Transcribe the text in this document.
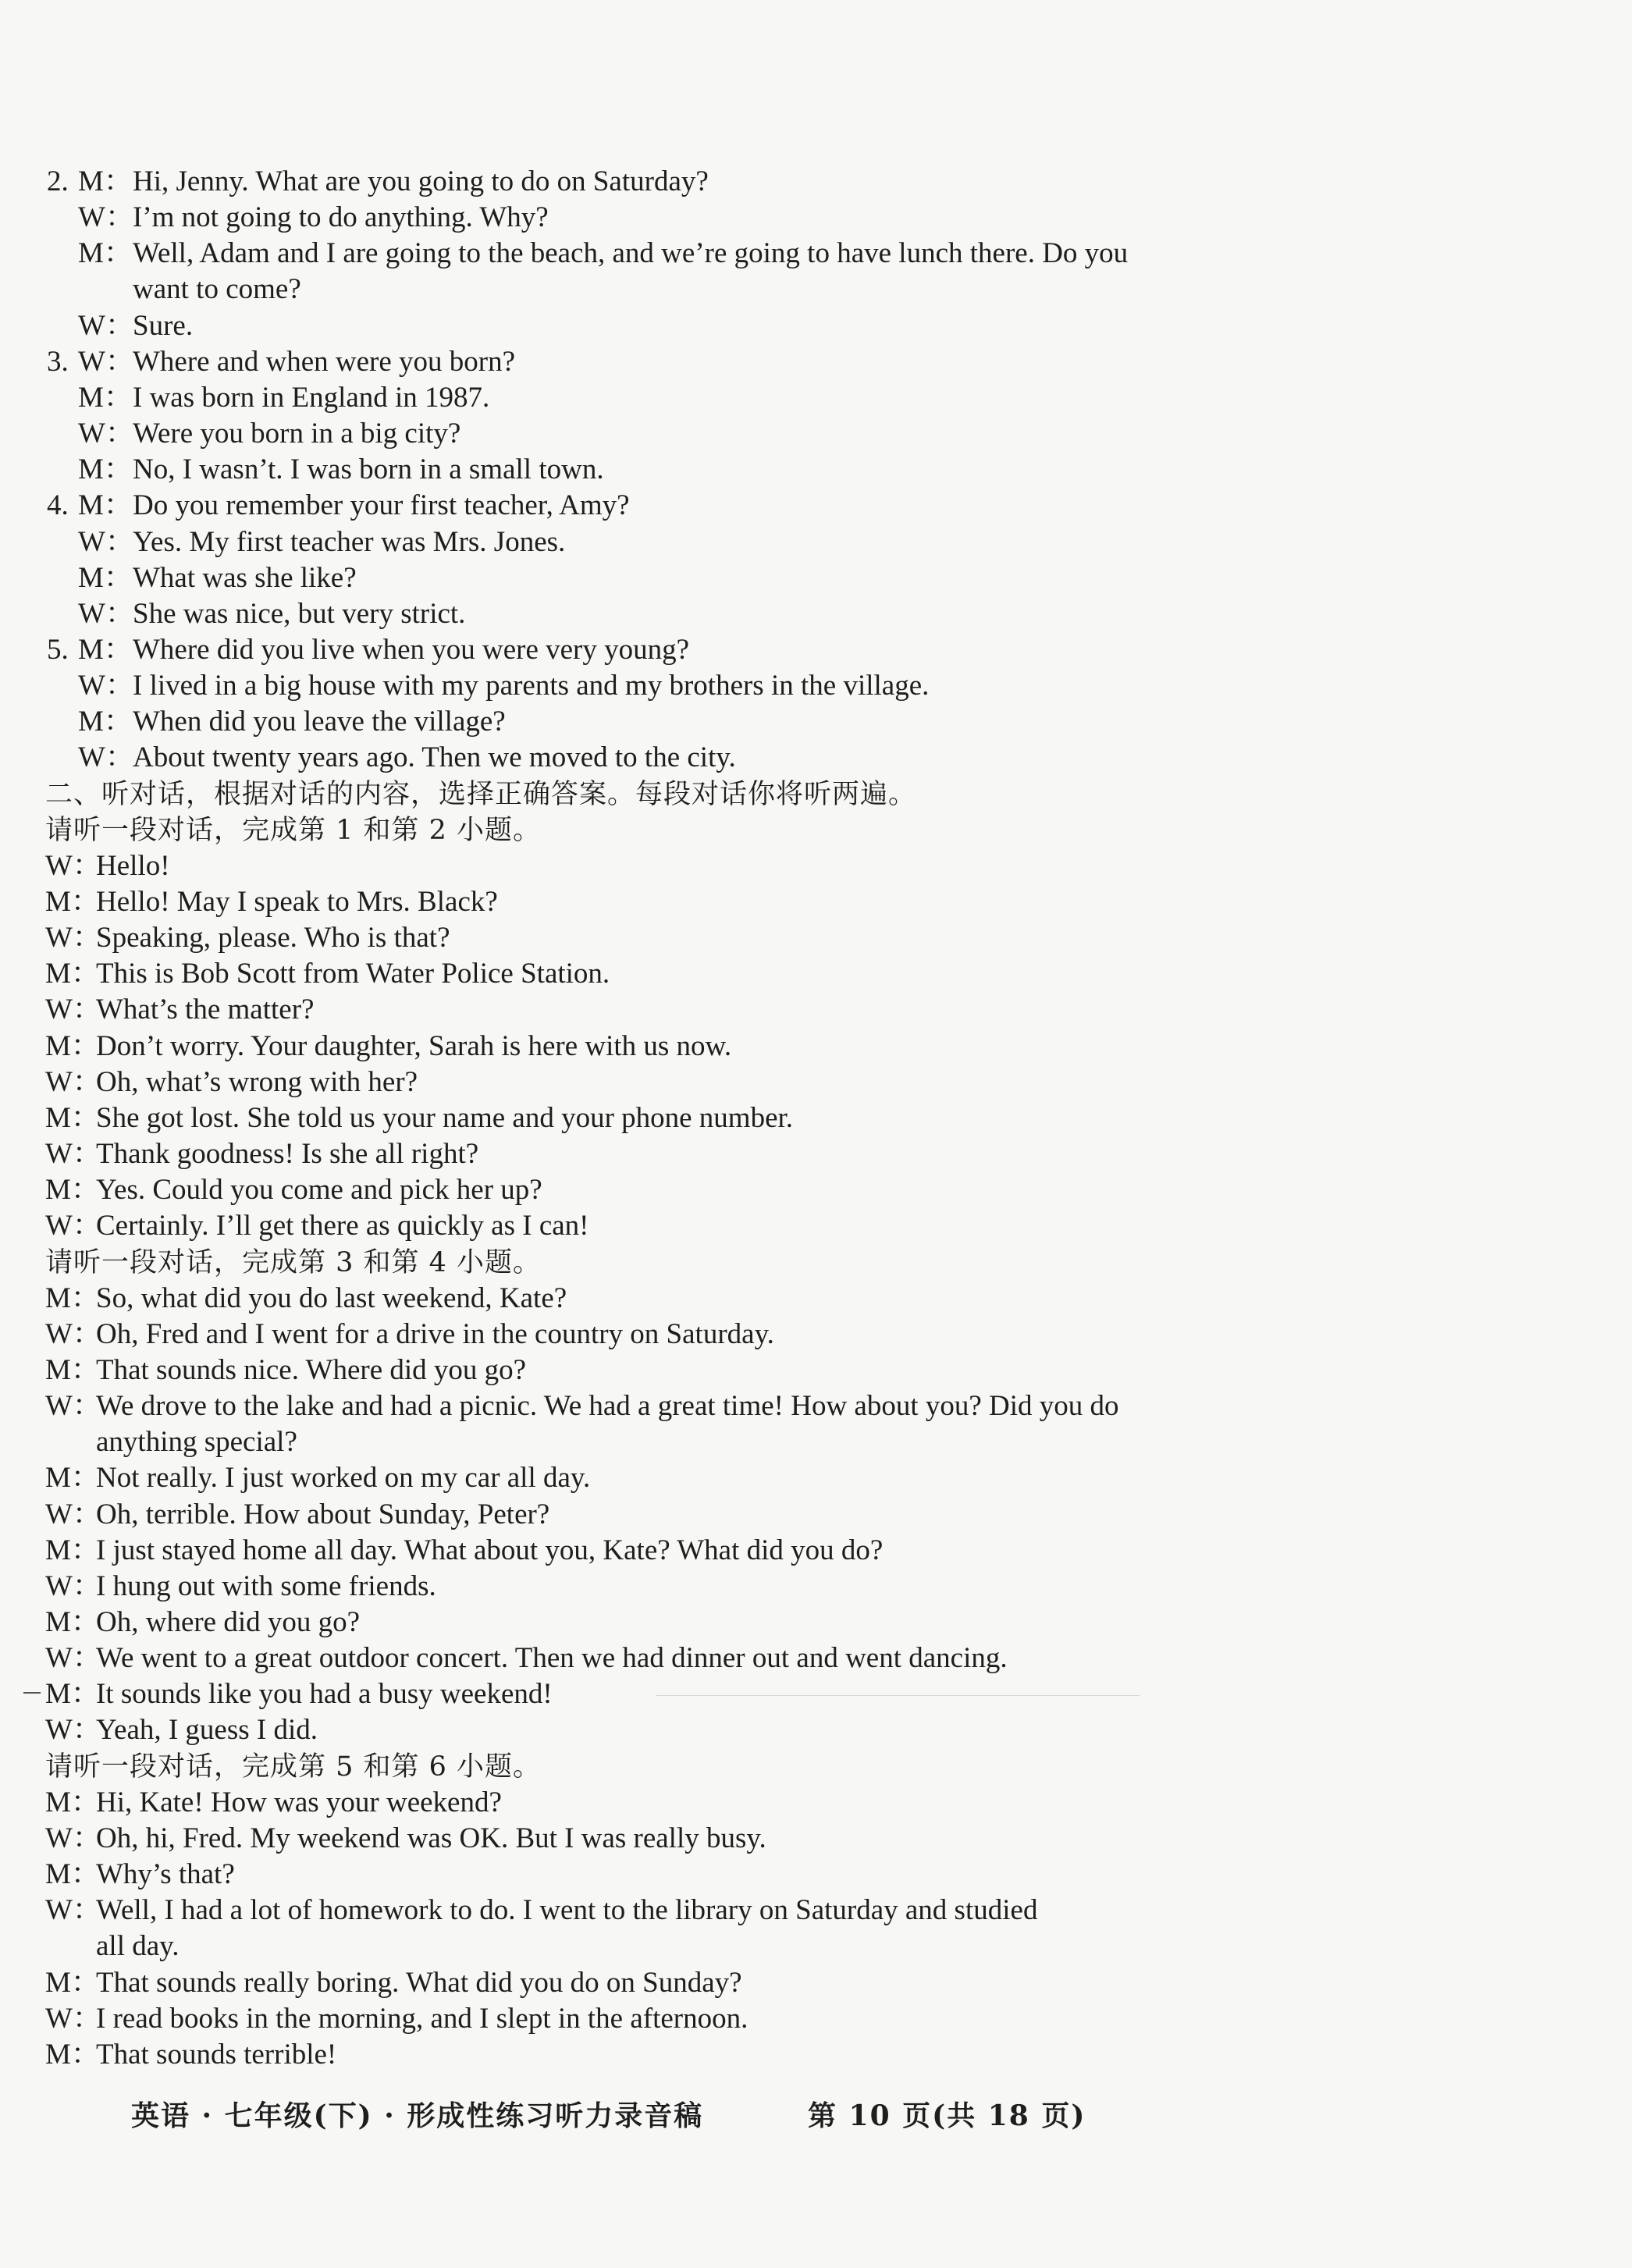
2. M： Hi, Jenny. What are you going to do on Saturday?
W：
I’m not going to do anything. Why?
M： Well, Adam and I are going to the beach, and we’re going to have lunch there. Do you
want to come?
W：
Sure.
3. W：
Where and when were you born?
M： I was born in England in 1987.
W：
Were you born in a big city?
M： No, I wasn’t. I was born in a small town.
4. M： Do you remember your first teacher, Amy?
W：
Yes. My first teacher was Mrs. Jones.
M： What was she like?
W：
She was nice, but very strict.
5. M： Where did you live when you were very young?
W：
I lived in a big house with my parents and my brothers in the village.
M： When did you leave the village?
W：
About twenty years ago. Then we moved to the city.
二、听对话，根据对话的内容，选择正确答案。每段对话你将听两遍。
请听一段对话，完成第 1 和第 2 小题。
W：
Hello!
M：
Hello! May I speak to Mrs. Black?
W：
Speaking, please. Who is that?
M：
This is Bob Scott from Water Police Station.
W：
What’s the matter?
M：
Don’t worry. Your daughter, Sarah is here with us now.
W：
Oh, what’s wrong with her?
M：
She got lost. She told us your name and your phone number.
W：
Thank goodness! Is she all right?
M：
Yes. Could you come and pick her up?
W：
Certainly. I’ll get there as quickly as I can!
请听一段对话，完成第 3 和第 4 小题。
M：
So, what did you do last weekend, Kate?
W：
Oh, Fred and I went for a drive in the country on Saturday.
M：
That sounds nice. Where did you go?
W：
We drove to the lake and had a picnic. We had a great time! How about you? Did you do
anything special?
M：
Not really. I just worked on my car all day.
W：
Oh, terrible. How about Sunday, Peter?
M：
I just stayed home all day. What about you, Kate? What did you do?
W：
I hung out with some friends.
M：
Oh, where did you go?
W：
We went to a great outdoor concert. Then we had dinner out and went dancing.
M：
It sounds like you had a busy weekend!
W：
Yeah, I guess I did.
请听一段对话，完成第 5 和第 6 小题。
M：
Hi, Kate! How was your weekend?
W：
Oh, hi, Fred. My weekend was OK. But I was really busy.
M：
Why’s that?
W：
Well, I had a lot of homework to do. I went to the library on Saturday and studied
all day.
M：
That sounds really boring. What did you do on Sunday?
W：
I read books in the morning, and I slept in the afternoon.
M：
That sounds terrible!
英语 · 七年级(下) · 形成性练习听力录音稿	第 10 页(共 18 页)
